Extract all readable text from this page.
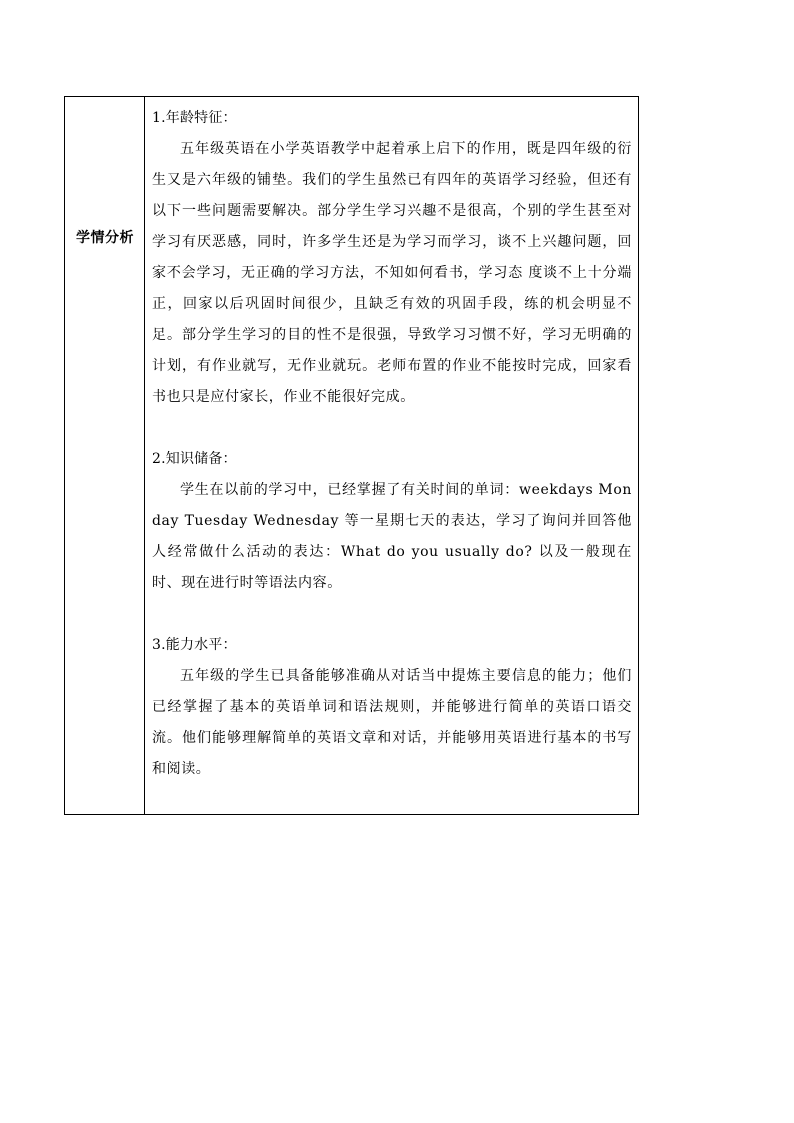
学情分析

1.年龄特征：

五年级英语在小学英语教学中起着承上启下的作用，既是四年级的衍生又是六年级的铺垫。我们的学生虽然已有四年的英语学习经验，但还有以下一些问题需要解决。部分学生学习兴趣不是很高，个别的学生甚至对学习有厌恶感，同时，许多学生还是为学习而学习，谈不上兴趣问题，回家不会学习，无正确的学习方法，不知如何看书，学习态 度谈不上十分端正，回家以后巩固时间很少，且缺乏有效的巩固手段，练的机会明显不足。部分学生学习的目的性不是很强，导致学习习惯不好，学习无明确的计划，有作业就写，无作业就玩。老师布置的作业不能按时完成，回家看书也只是应付家长，作业不能很好完成。

2.知识储备：

学生在以前的学习中，已经掌握了有关时间的单词：weekdays Monday Tuesday Wednesday 等一星期七天的表达，学习了询问并回答他人经常做什么活动的表达：What do you usually do? 以及一般现在时、现在进行时等语法内容。

3.能力水平：

五年级的学生已具备能够准确从对话当中提炼主要信息的能力；他们已经掌握了基本的英语单词和语法规则，并能够进行简单的英语口语交流。他们能够理解简单的英语文章和对话，并能够用英语进行基本的书写和阅读。
